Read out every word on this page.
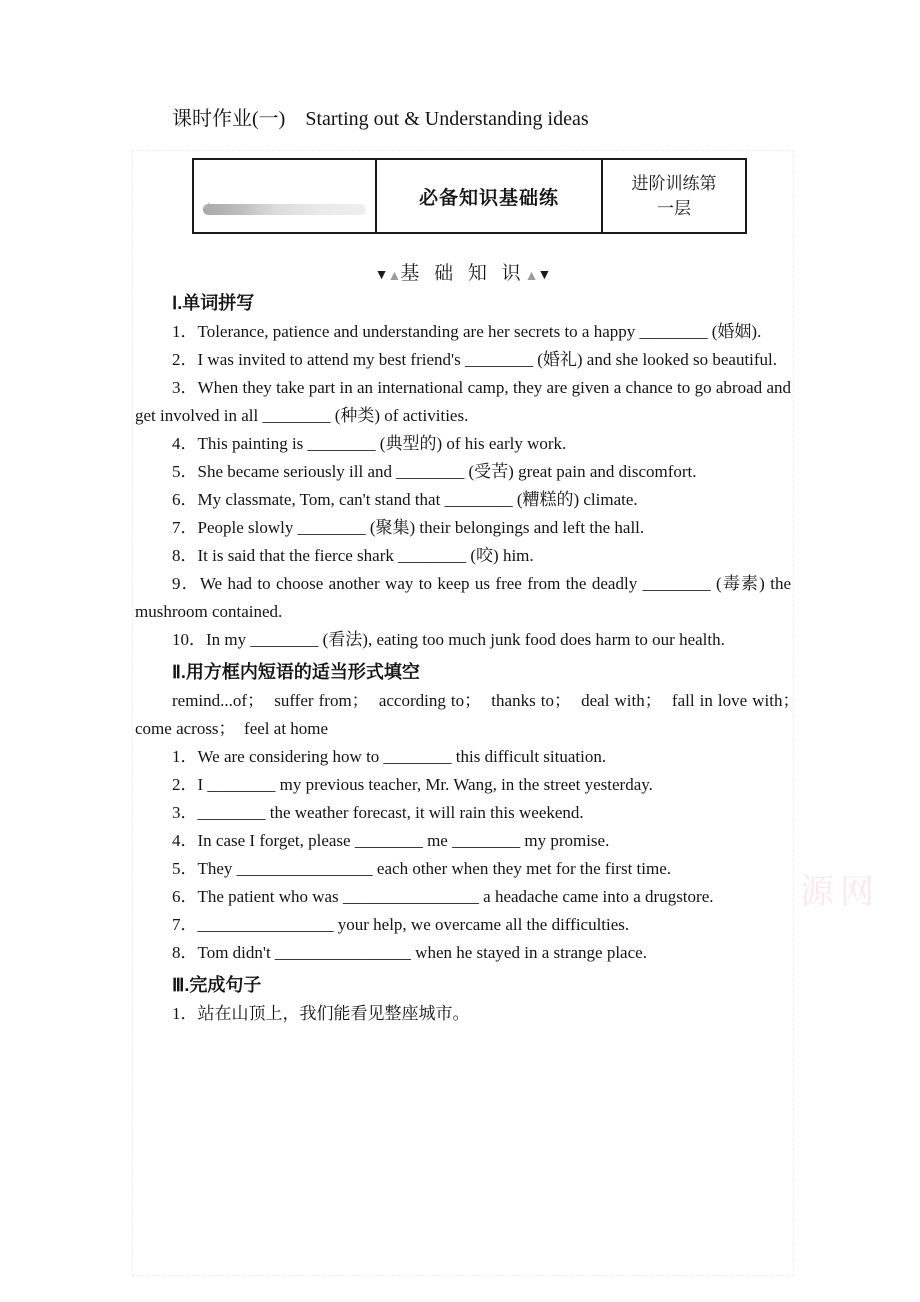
课时作业(一)　Starting out & Understanding ideas
✓	必备知识基础练	
进阶训练第
一层
▼▲基 础 知 识▲▼
Ⅰ.单词拼写

1．Tolerance, patience and understanding are her secrets to a happy ________ (婚姻).

2．I was invited to attend my best friend's ________ (婚礼) and she looked so beautiful.

3．When they take part in an international camp, they are given a chance to go abroad and get involved in all ________ (种类) of activities.

4．This painting is ________ (典型的) of his early work.

5．She became seriously ill and ________ (受苦) great pain and discomfort.

6．My classmate, Tom, can't stand that ________ (糟糕的) climate.

7．People slowly ________ (聚集) their belongings and left the hall.

8．It is said that the fierce shark ________ (咬) him.

9．We had to choose another way to keep us free from the deadly ________ (毒素) the mushroom contained.

10．In my ________ (看法), eating too much junk food does harm to our health.

Ⅱ.用方框内短语的适当形式填空

remind...of；　suffer from；　according to；　thanks to；　deal with；　fall in love with；　come across；　feel at home

1．We are considering how to ________ this difficult situation.

2．I ________ my previous teacher, Mr. Wang, in the street yesterday.

3．________ the weather forecast, it will rain this weekend.

4．In case I forget, please ________ me ________ my promise.

5．They ________________ each other when they met for the first time.

6．The patient who was ________________ a headache came into a drugstore.

7．________________ your help, we overcame all the difficulties.

8．Tom didn't ________________ when he stayed in a strange place.

Ⅲ.完成句子

1．站在山顶上，我们能看见整座城市。

源网
